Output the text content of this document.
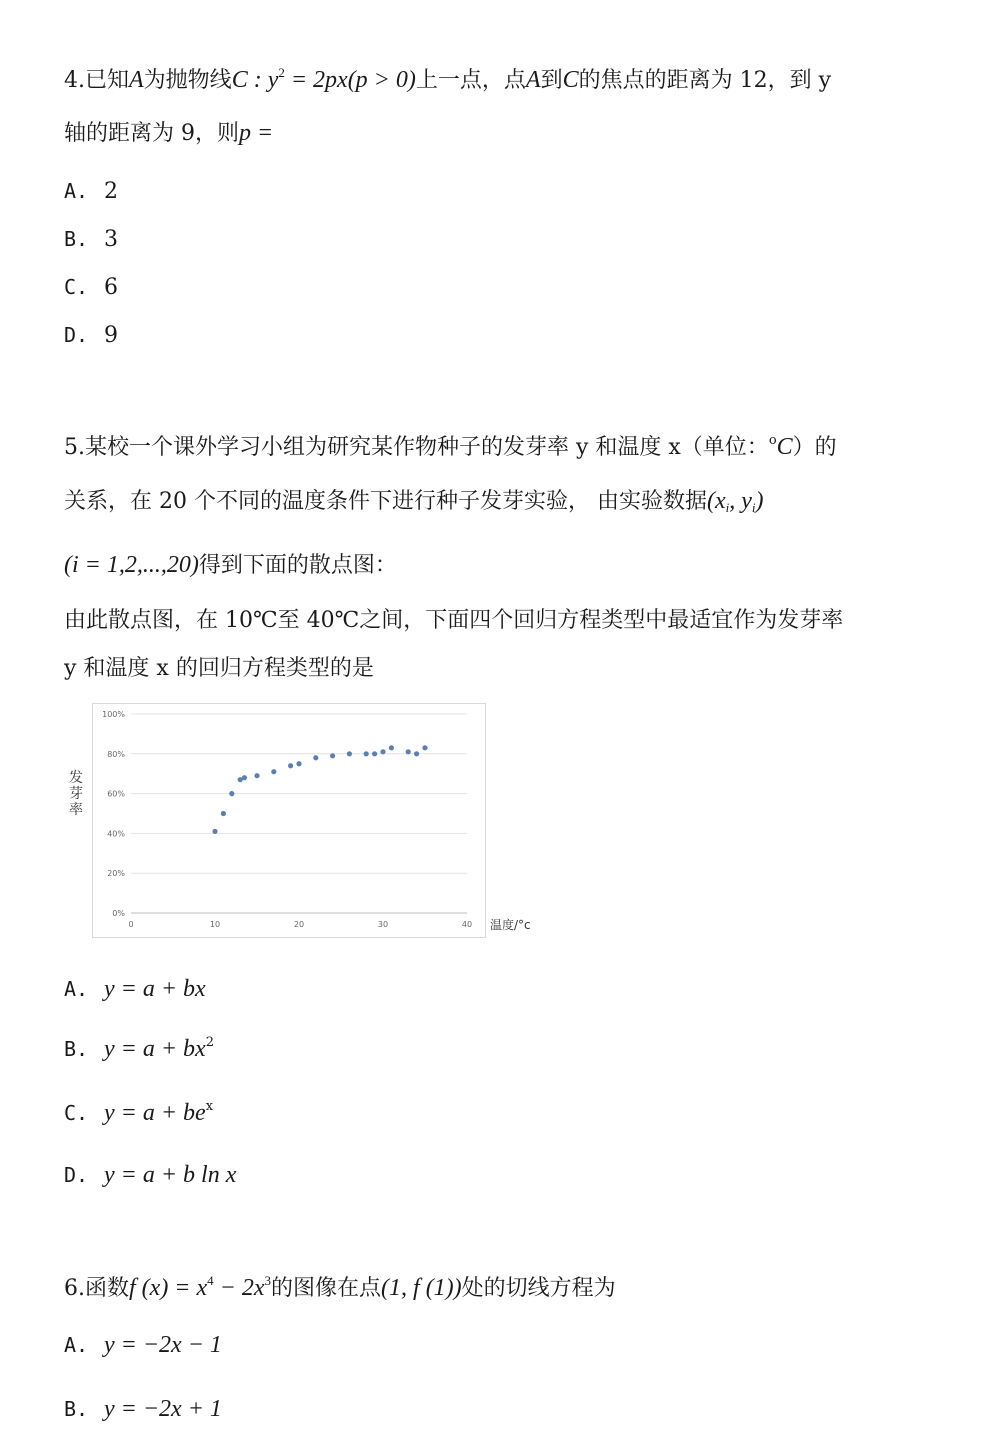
4.已知A为抛物线C : $y^2 = 2px(p > 0)$上一点，点A到C的焦点的距离为 12，到 y
轴的距离为 9，则p =
A. 2
B. 3
C. 6
D. 9
5.某校一个课外学习小组为研究某作物种子的发芽率 y 和温度 x（单位：$^o$C）的
关系，在 20 个不同的温度条件下进行种子发芽实验， 由实验数据($x_i$, $y_i$)
(i = 1,2,...,20)得到下面的散点图：
由此散点图，在 10℃至 40℃之间，下面四个回归方程类型中最适宜作为发芽率
y 和温度 x 的回归方程类型的是
0%
20%
40%
60%
80%
100%
0	10	20	30	40
发芽率
温度/°c
A. y = a + bx
B. $y = a + bx^2$
C. $y = a + be^x$
D. y = a + b ln x
6.函数f $(x) = x^4 - 2x^3$的图像在点(1, f (1))处的切线方程为
A. y = −2x − 1
B. y = −2x + 1
